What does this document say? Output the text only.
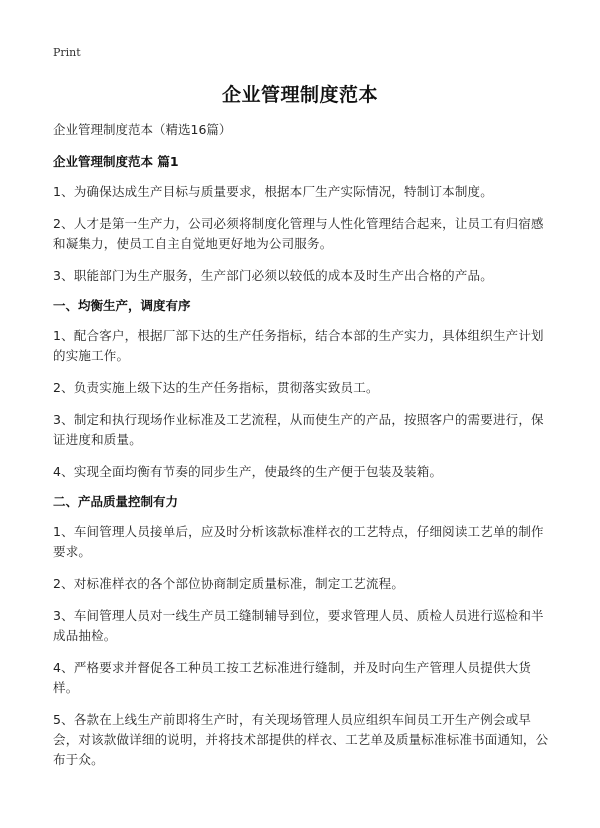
Print
企业管理制度范本
企业管理制度范本（精选16篇）
企业管理制度范本 篇1

1、为确保达成生产目标与质量要求，根据本厂生产实际情况，特制订本制度。

2、人才是第一生产力，公司必须将制度化管理与人性化管理结合起来，让员工有归宿感和凝集力，使员工自主自觉地更好地为公司服务。

3、职能部门为生产服务，生产部门必须以较低的成本及时生产出合格的产品。

一、均衡生产，调度有序

1、配合客户，根据厂部下达的生产任务指标，结合本部的生产实力，具体组织生产计划的实施工作。

2、负责实施上级下达的生产任务指标，贯彻落实致员工。

3、制定和执行现场作业标准及工艺流程，从而使生产的产品，按照客户的需要进行，保证进度和质量。

4、实现全面均衡有节奏的同步生产，使最终的生产便于包装及装箱。

二、产品质量控制有力

1、车间管理人员接单后，应及时分析该款标准样衣的工艺特点，仔细阅读工艺单的制作要求。

2、对标准样衣的各个部位协商制定质量标准，制定工艺流程。

3、车间管理人员对一线生产员工缝制辅导到位，要求管理人员、质检人员进行巡检和半成品抽检。

4、严格要求并督促各工种员工按工艺标准进行缝制，并及时向生产管理人员提供大货样。

5、各款在上线生产前即将生产时，有关现场管理人员应组织车间员工开生产例会或早会，对该款做详细的说明，并将技术部提供的样衣、工艺单及质量标准标准书面通知，公布于众。
